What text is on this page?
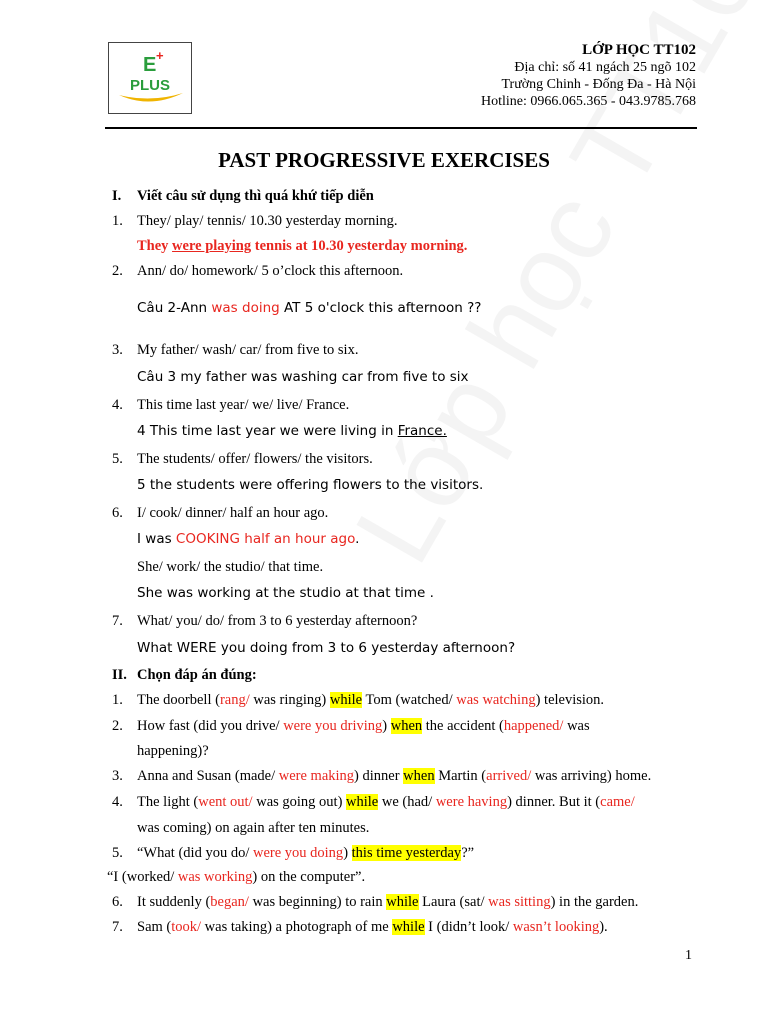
E +
PLUS
LỚP HỌC TT102
Địa chỉ: số 41 ngách 25 ngõ 102
Trường Chinh - Đống Đa - Hà Nội
Hotline: 0966.065.365 - 043.9785.768
PAST PROGRESSIVE EXERCISES
I. Viết câu sử dụng thì quá khứ tiếp diễn
1. They/ play/ tennis/ 10.30 yesterday morning.
They were playing tennis at 10.30 yesterday morning.
2. Ann/ do/ homework/ 5 o’clock this afternoon.
Câu 2-Ann was doing AT 5 o'clock this afternoon ??
3. My father/ wash/ car/ from five to six.
Câu 3 my father was washing car from five to six
4. This time last year/ we/ live/ France.
4 This time last year we were living in France.
5. The students/ offer/ flowers/ the visitors.
5 the students were offering flowers to the visitors.
6. I/ cook/ dinner/ half an hour ago.
I was COOKING half an hour ago.
She/ work/ the studio/ that time.
She was working at the studio at that time .
7. What/ you/ do/ from 3 to 6 yesterday afternoon?
What WERE you doing from 3 to 6 yesterday afternoon?
II. Chọn đáp án đúng:
1. The doorbell (rang/ was ringing) while Tom (watched/ was watching) television.
2. How fast (did you drive/ were you driving) when the accident (happened/ was
happening)?
3. Anna and Susan (made/ were making) dinner when Martin (arrived/ was arriving) home.
4. The light (went out/ was going out) while we (had/ were having) dinner. But it (came/
was coming) on again after ten minutes.
5. “What (did you do/ were you doing) this time yesterday?”
“I (worked/ was working) on the computer”.
6. It suddenly (began/ was beginning) to rain while Laura (sat/ was sitting) in the garden.
7. Sam (took/ was taking) a photograph of me while I (didn’t look/ wasn’t looking).
1
